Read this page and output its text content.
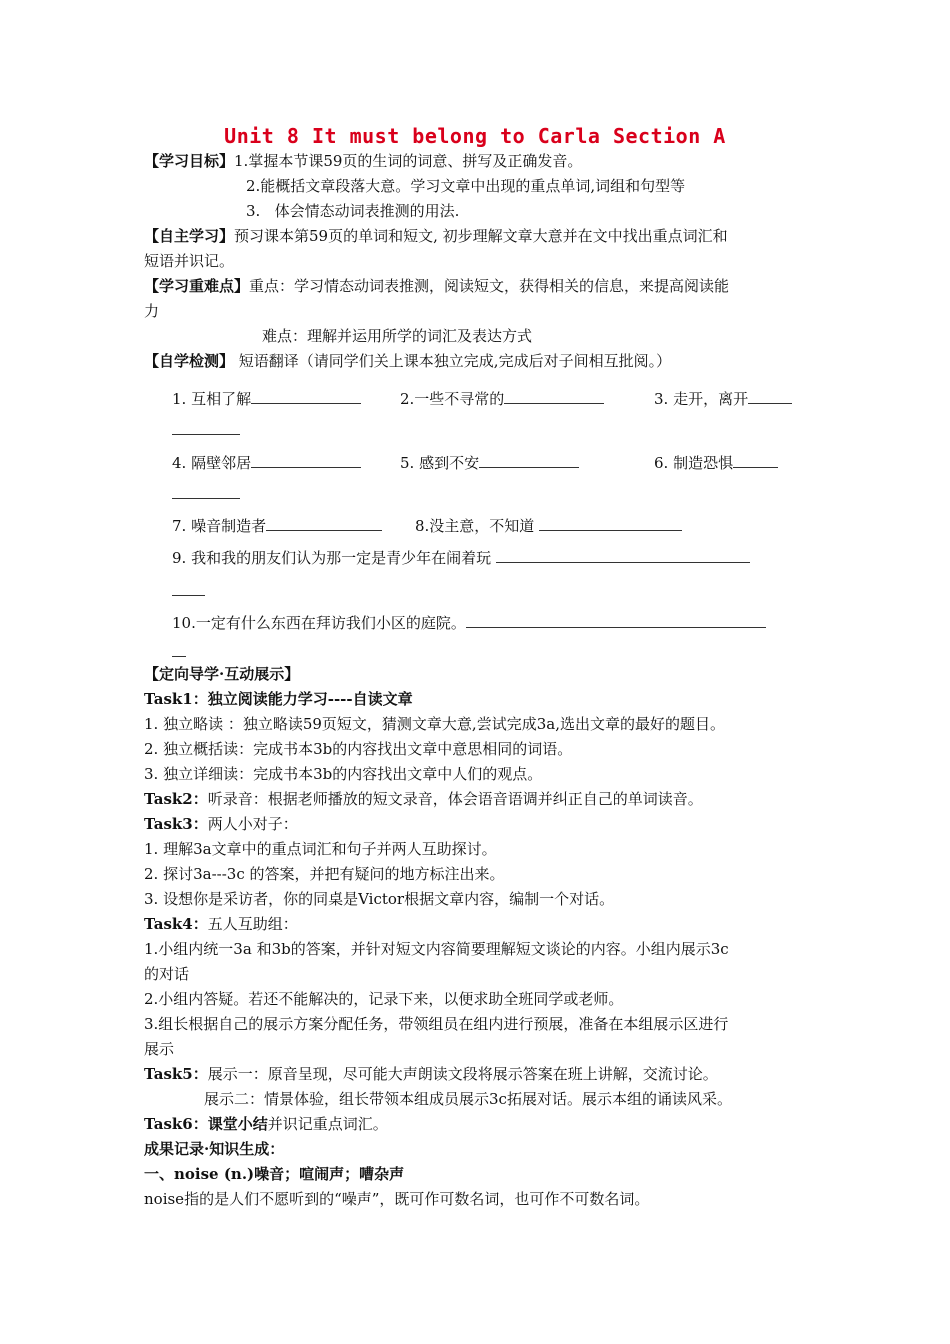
Unit 8 It must belong to Carla Section A
【学习目标】1.掌握本节课59页的生词的词意、拼写及正确发音。
2.能概括文章段落大意。学习文章中出现的重点单词,词组和句型等
3.   体会情态动词表推测的用法.
【自主学习】预习课本第59页的单词和短文, 初步理解文章大意并在文中找出重点词汇和
短语并识记。
【学习重难点】重点：学习情态动词表推测，阅读短文，获得相关的信息，来提高阅读能
力
难点：理解并运用所学的词汇及表达方式
【自学检测】 短语翻译（请同学们关上课本独立完成,完成后对子间相互批阅。）
1. 互相了解	2.一些不寻常的	3. 走开，离开
4. 隔壁邻居	5. 感到不安	6. 制造恐惧
7. 噪音制造者	8.没主意，不知道
9. 我和我的朋友们认为那一定是青少年在闹着玩
10.一定有什么东西在拜访我们小区的庭院。
【定向导学·互动展示】
Task1：独立阅读能力学习----自读文章
1. 独立略读 ：独立略读59页短文，猜测文章大意,尝试完成3a,选出文章的最好的题目。
2. 独立概括读：完成书本3b的内容找出文章中意思相同的词语。
3. 独立详细读：完成书本3b的内容找出文章中人们的观点。
Task2：听录音：根据老师播放的短文录音，体会语音语调并纠正自己的单词读音。
Task3：两人小对子：
1. 理解3a文章中的重点词汇和句子并两人互助探讨。
2. 探讨3a---3c 的答案，并把有疑问的地方标注出来。
3. 设想你是采访者，你的同桌是Victor根据文章内容，编制一个对话。
Task4：五人互助组：
1.小组内统一3a 和3b的答案，并针对短文内容简要理解短文谈论的内容。小组内展示3c
的对话
2.小组内答疑。若还不能解决的，记录下来，以便求助全班同学或老师。
3.组长根据自己的展示方案分配任务，带领组员在组内进行预展，准备在本组展示区进行
展示
Task5：展示一：原音呈现，尽可能大声朗读文段将展示答案在班上讲解，交流讨论。
展示二：情景体验，组长带领本组成员展示3c拓展对话。展示本组的诵读风采。
Task6：课堂小结并识记重点词汇。
成果记录·知识生成：
一、noise (n.)噪音；喧闹声；嘈杂声
noise指的是人们不愿听到的“噪声”，既可作可数名词，也可作不可数名词。
